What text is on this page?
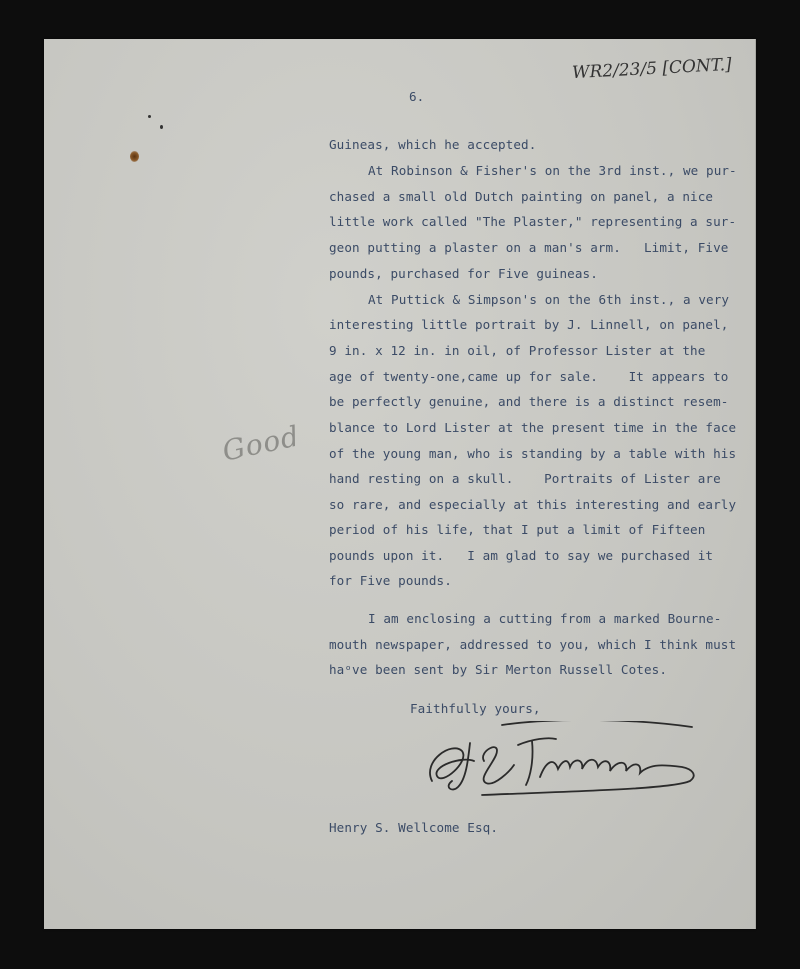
WR2/23/5 [CONT.]
6.
Guineas, which he accepted.
At Robinson & Fisher's on the 3rd inst., we pur-
chased a small old Dutch painting on panel, a nice
little work called "The Plaster," representing a sur-
geon putting a plaster on a man's arm.   Limit, Five
pounds, purchased for Five guineas.
At Puttick & Simpson's on the 6th inst., a very
interesting little portrait by J. Linnell, on panel,
9 in. x 12 in. in oil, of Professor Lister at the
age of twenty-one,came up for sale.    It appears to
be perfectly genuine, and there is a distinct resem-
blance to Lord Lister at the present time in the face
of the young man, who is standing by a table with his
hand resting on a skull.    Portraits of Lister are
so rare, and especially at this interesting and early
period of his life, that I put a limit of Fifteen
pounds upon it.   I am glad to say we purchased it
for Five pounds.
I am enclosing a cutting from a marked Bourne-
mouth newspaper, addressed to you, which I think must
haᵒve been sent by Sir Merton Russell Cotes.
Faithfully yours,
Good
Henry S. Wellcome Esq.
